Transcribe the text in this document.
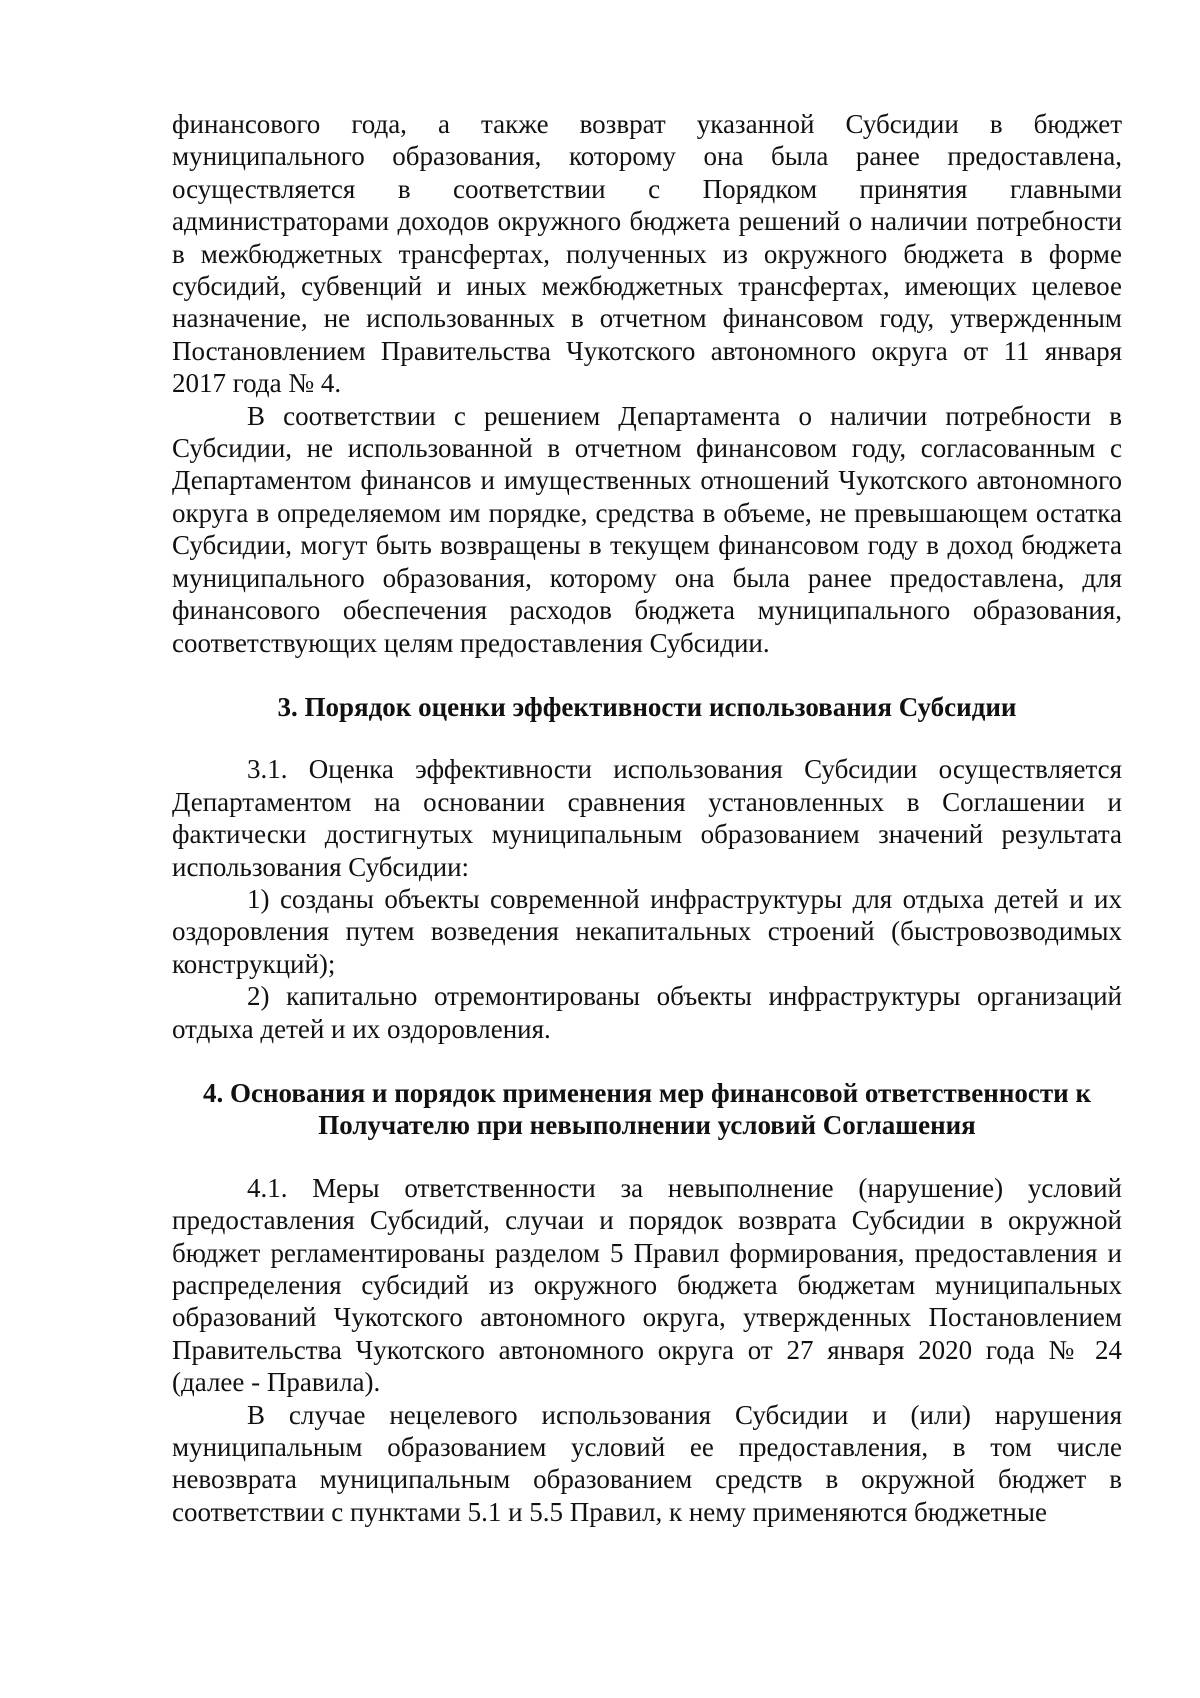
финансового года, а также возврат указанной Субсидии в бюджет муниципального образования, которому она была ранее предоставлена, осуществляется в соответствии с Порядком принятия главными администраторами доходов окружного бюджета решений о наличии потребности в межбюджетных трансфертах, полученных из окружного бюджета в форме субсидий, субвенций и иных межбюджетных трансфертах, имеющих целевое назначение, не использованных в отчетном финансовом году, утвержденным Постановлением Правительства Чукотского автономного округа от 11 января 2017 года № 4.

В соответствии с решением Департамента о наличии потребности в Субсидии, не использованной в отчетном финансовом году, согласованным с Департаментом финансов и имущественных отношений Чукотского автономного округа в определяемом им порядке, средства в объеме, не превышающем остатка Субсидии, могут быть возвращены в текущем финансовом году в доход бюджета муниципального образования, которому она была ранее предоставлена, для финансового обеспечения расходов бюджета муниципального образования, соответствующих целям предоставления Субсидии.

3. Порядок оценки эффективности использования Субсидии

3.1. Оценка эффективности использования Субсидии осуществляется Департаментом на основании сравнения установленных в Соглашении и фактически достигнутых муниципальным образованием значений результата использования Субсидии:

1) созданы объекты современной инфраструктуры для отдыха детей и их оздоровления путем возведения некапитальных строений (быстровозводимых конструкций);

2) капитально отремонтированы объекты инфраструктуры организаций отдыха детей и их оздоровления.

4. Основания и порядок применения мер финансовой ответственности к
Получателю при невыполнении условий Соглашения

4.1. Меры ответственности за невыполнение (нарушение) условий предоставления Субсидий, случаи и порядок возврата Субсидии в окружной бюджет регламентированы разделом 5 Правил формирования, предоставления и распределения субсидий из окружного бюджета бюджетам муниципальных образований Чукотского автономного округа, утвержденных Постановлением Правительства Чукотского автономного округа от 27 января 2020 года № 24 (далее - Правила).

В случае нецелевого использования Субсидии и (или) нарушения муниципальным образованием условий ее предоставления, в том числе невозврата муниципальным образованием средств в окружной бюджет в соответствии с пунктами 5.1 и 5.5 Правил, к нему применяются бюджетные
